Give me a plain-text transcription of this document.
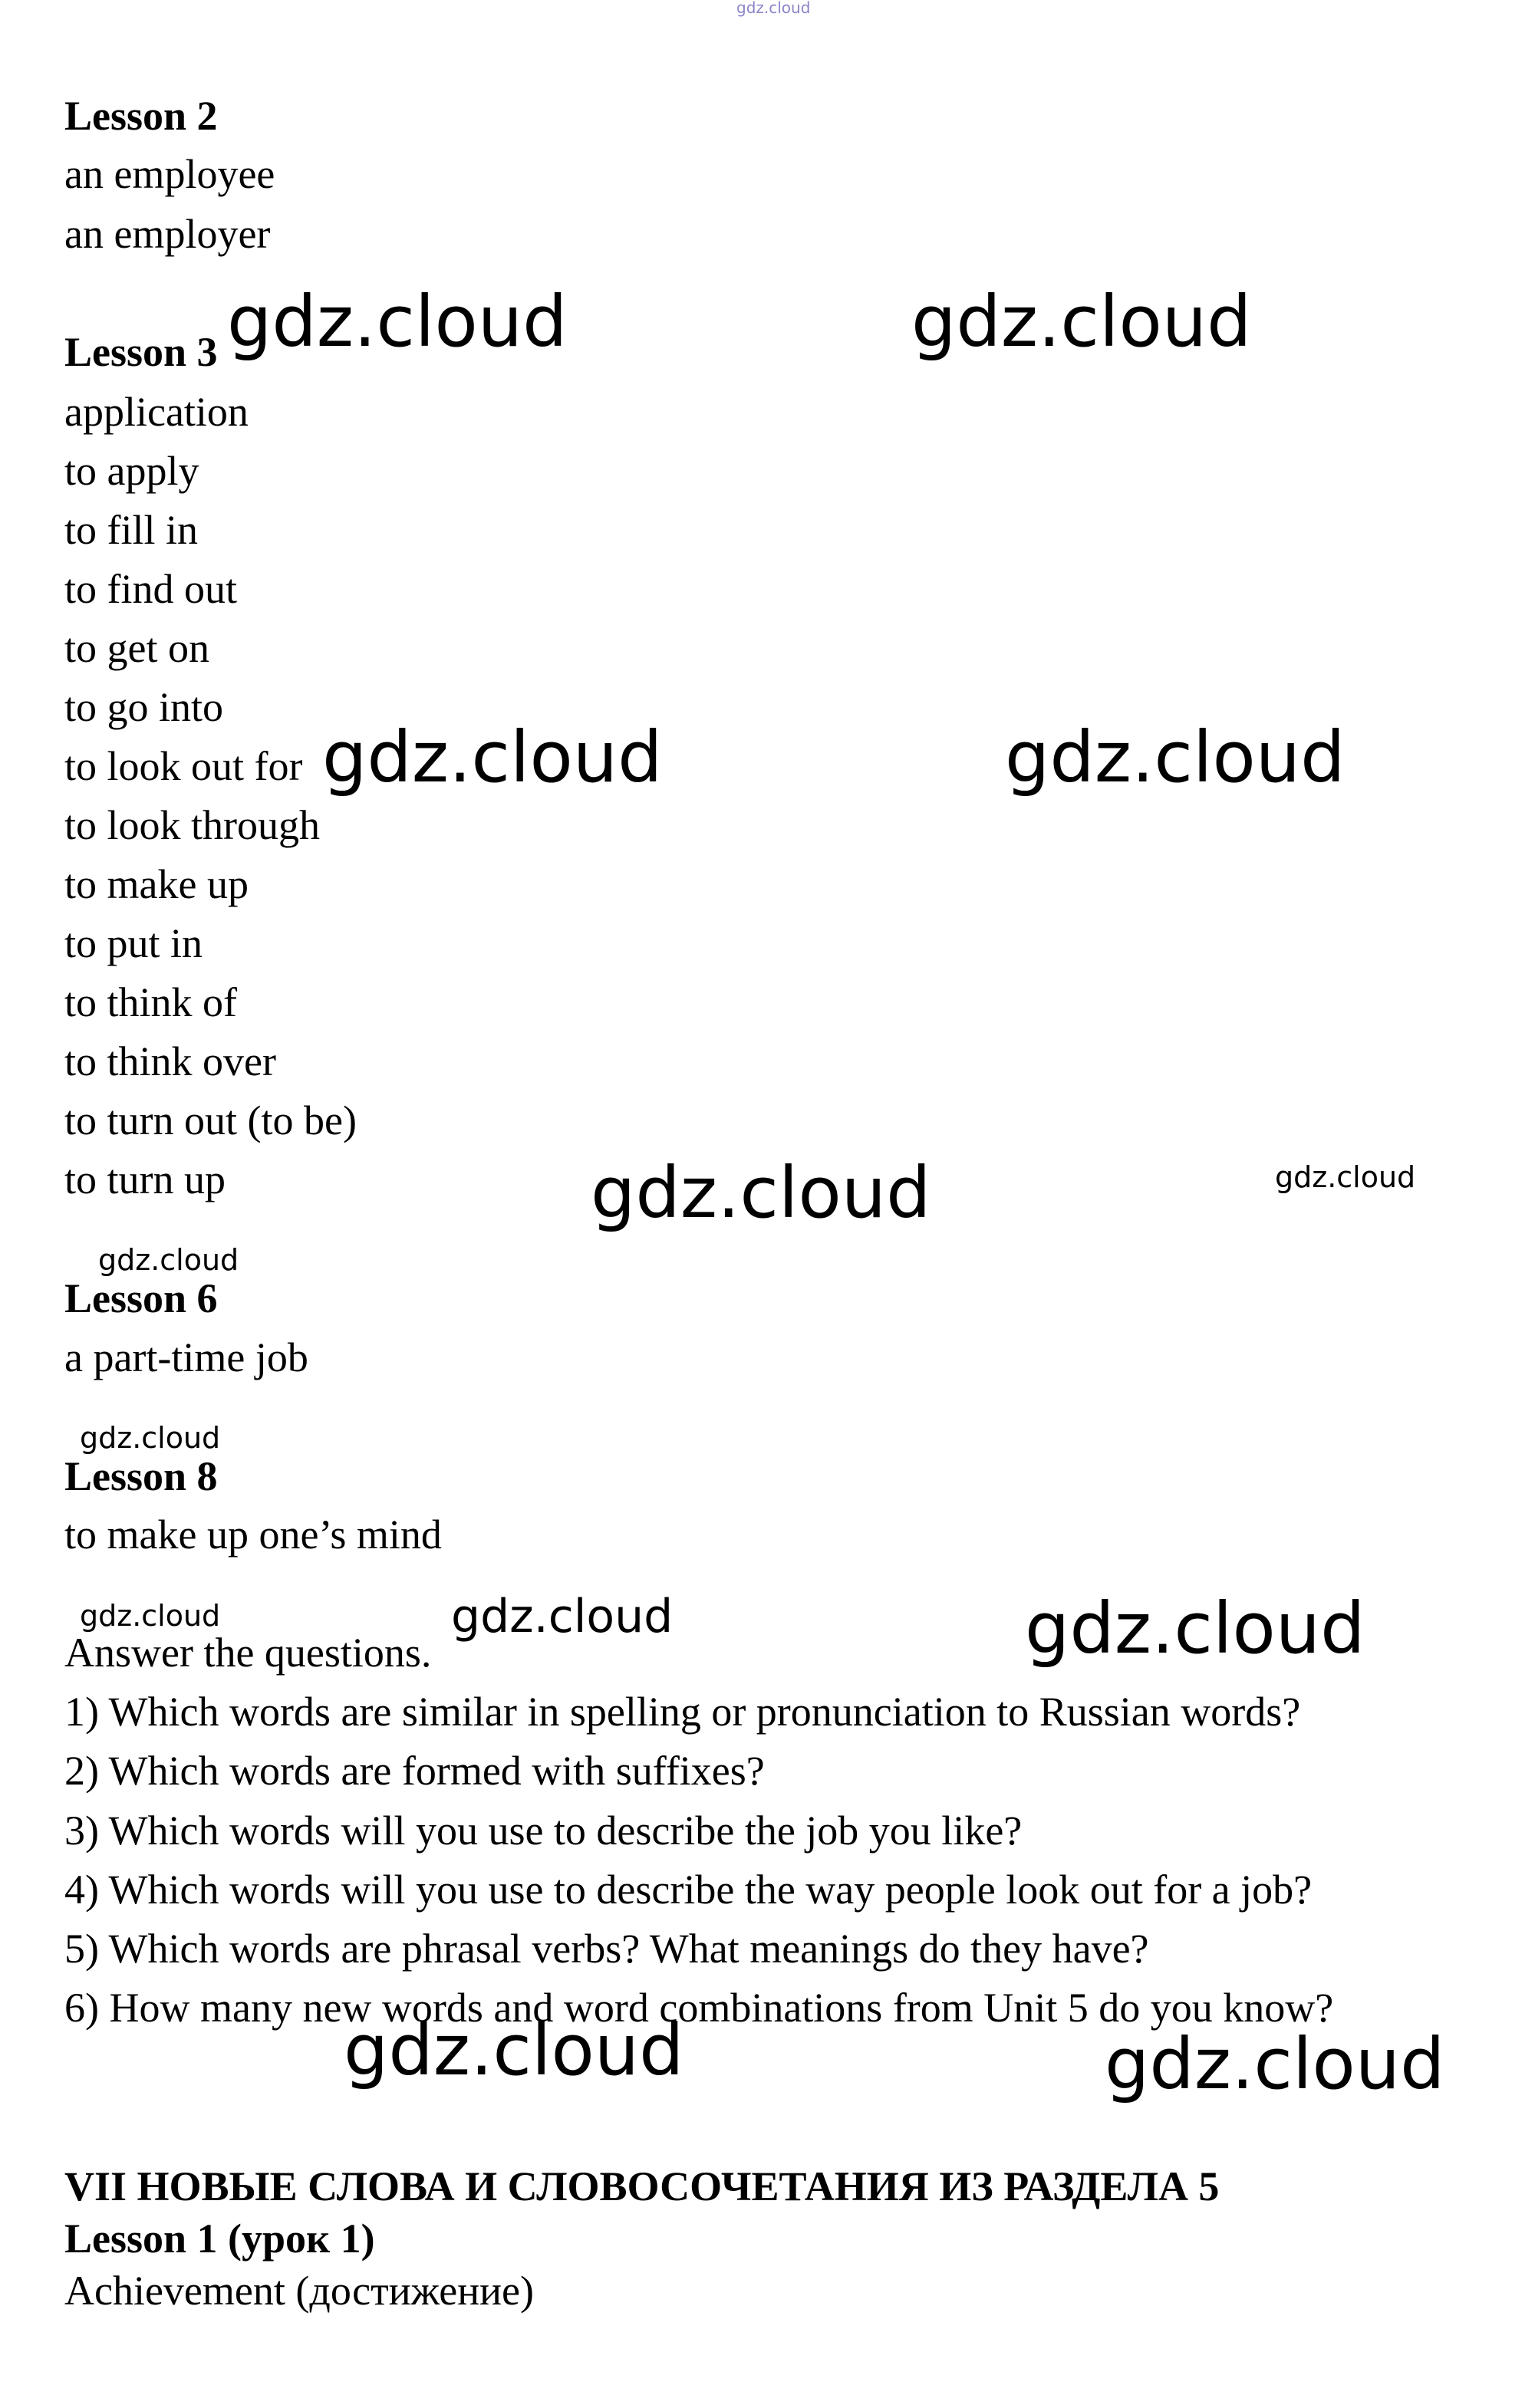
gdz.cloud
Lesson 2
an employee
an employer
Lesson 3
application
to apply
to fill in
to find out
to get on
to go into
to look out for
to look through
to make up
to put in
to think of
to think over
to turn out (to be)
to turn up
Lesson 6
a part-time job
Lesson 8
to make up one’s mind
Answer the questions.
1) Which words are similar in spelling or pronunciation to Russian words?
2) Which words are formed with suffixes?
3) Which words will you use to describe the job you like?
4) Which words will you use to describe the way people look out for a job?
5) Which words are phrasal verbs? What meanings do they have?
6) How many new words and word combinations from Unit 5 do you know?
VII НОВЫЕ СЛОВА И СЛОВОСОЧЕТАНИЯ ИЗ РАЗДЕЛА 5
Lesson 1 (урок 1)
Achievement (достижение)
gdz.cloud	gdz.cloud
gdz.cloud	gdz.cloud
gdz.cloud	gdz.cloud
gdz.cloud
gdz.cloud
gdz.cloud	gdz.cloud	gdz.cloud
gdz.cloud	gdz.cloud
